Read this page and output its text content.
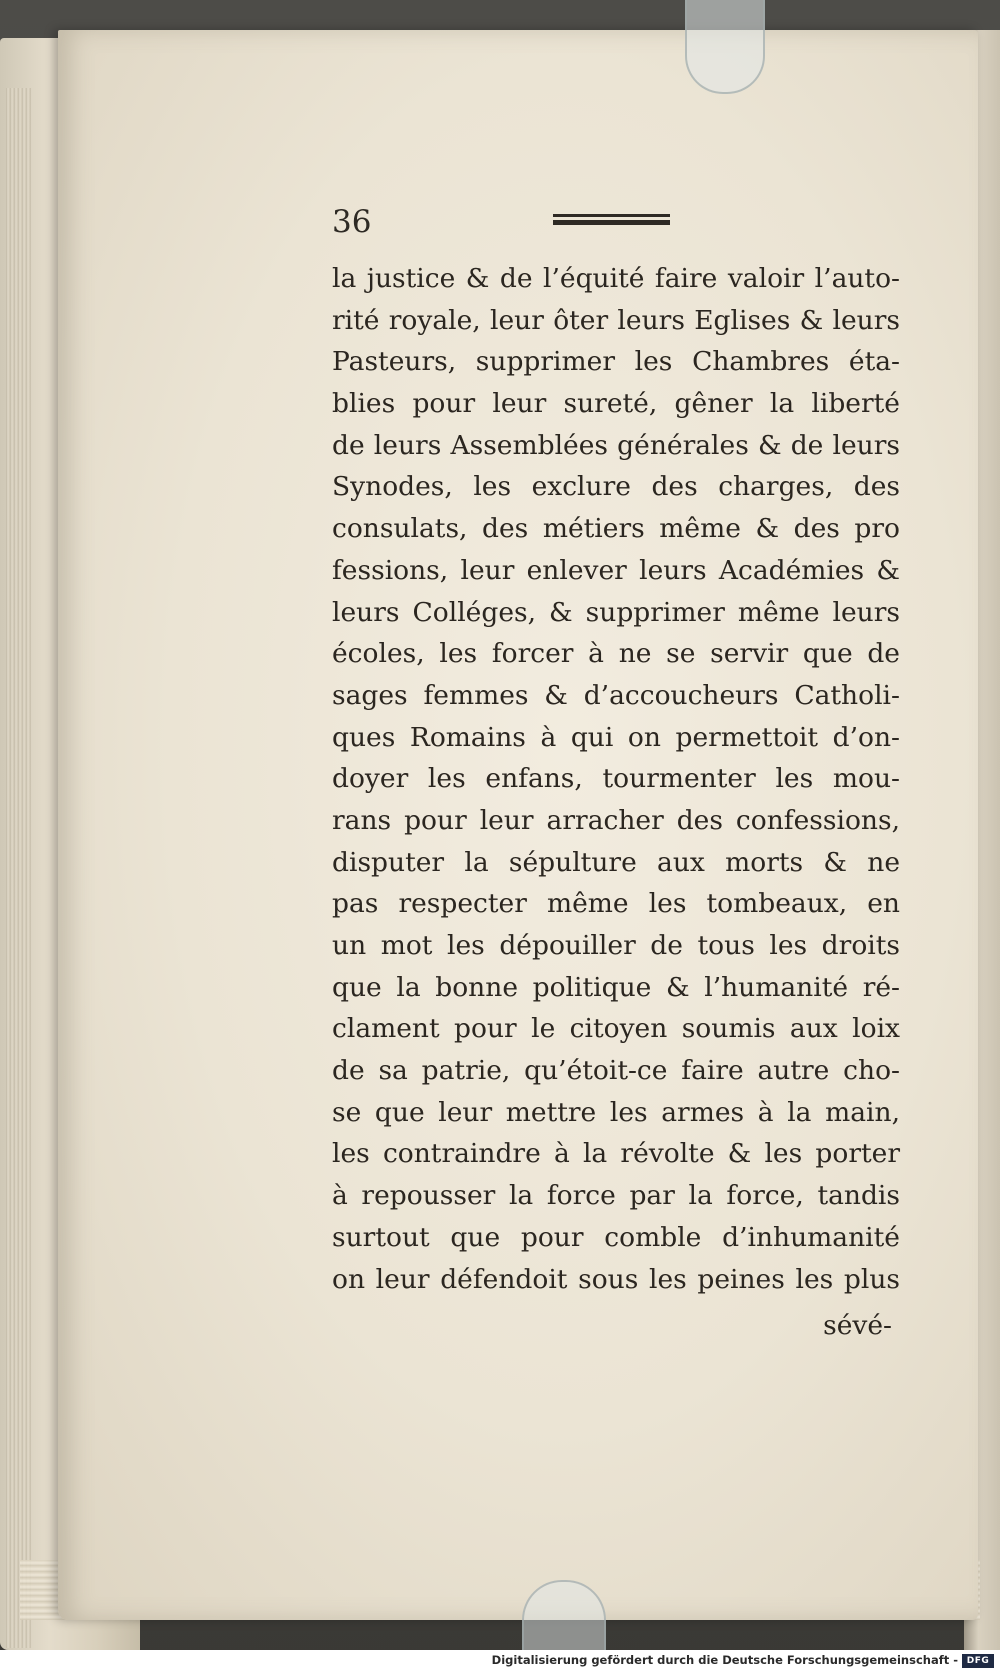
36
la justice & de l’équité faire valoir l’auto-
rité royale, leur ôter leurs Eglises & leurs
Pasteurs, supprimer les Chambres éta-
blies pour leur sureté, gêner la liberté
de leurs Assemblées générales & de leurs
Synodes, les exclure des charges, des
consulats, des métiers même & des pro
fessions, leur enlever leurs Académies &
leurs Colléges, & supprimer même leurs
écoles, les forcer à ne se servir que de
sages femmes & d’accoucheurs Catholi-
ques Romains à qui on permettoit d’on-
doyer les enfans, tourmenter les mou-
rans pour leur arracher des confessions,
disputer la sépulture aux morts & ne
pas respecter même les tombeaux, en
un mot les dépouiller de tous les droits
que la bonne politique & l’humanité ré-
clament pour le citoyen soumis aux loix
de sa patrie, qu’étoit-ce faire autre cho-
se que leur mettre les armes à la main,
les contraindre à la révolte & les porter
à repousser la force par la force, tandis
surtout que pour comble d’inhumanité
on leur défendoit sous les peines les plus
sévé-
Digitalisierung gefördert durch die Deutsche Forschungsgemeinschaft - DFG
